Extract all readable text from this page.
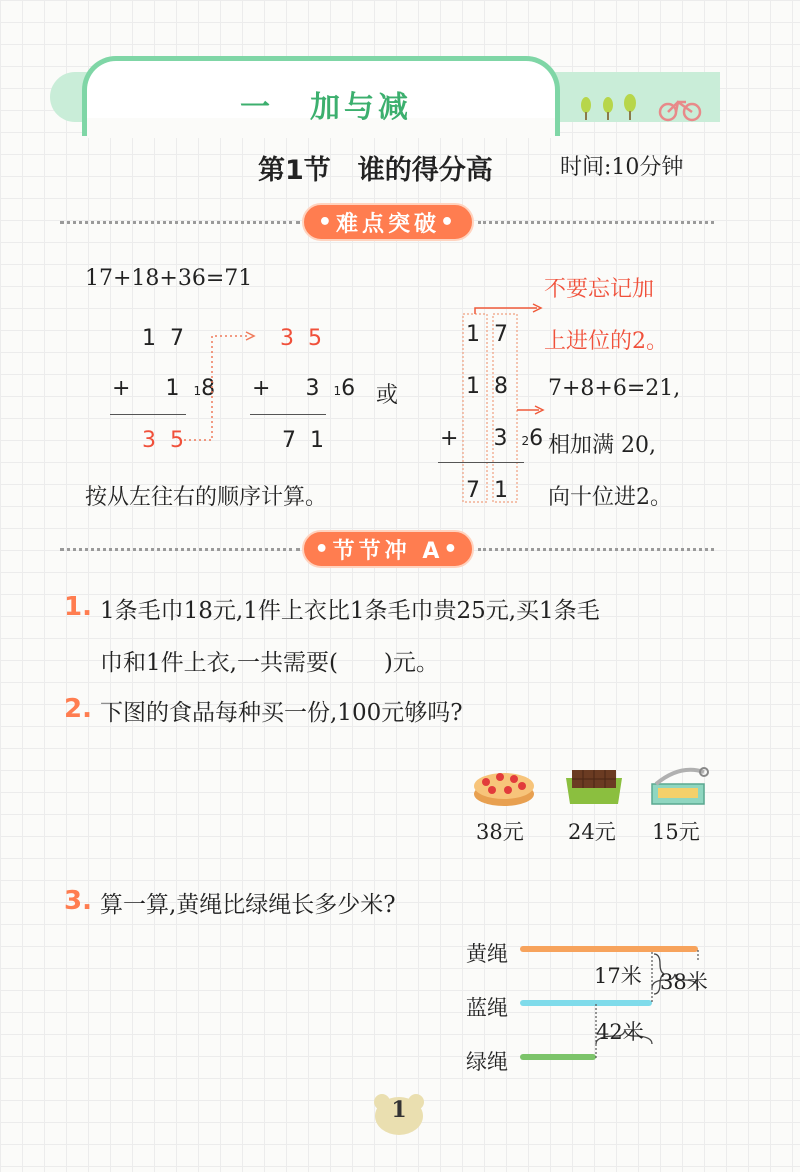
一 加与减
第1节　谁的得分高	时间:10分钟
• 难点突破 •
17+18+36=71
17
+ 118
35
35
+ 316
71
或
按从左往右的顺序计算。
17
18
+ 326
71
不要忘记加
上进位的2。
7+8+6=21,
相加满 20,
向十位进2。
• 节节冲 A •
1. 1条毛巾18元,1件上衣比1条毛巾贵25元,买1条毛
巾和1件上衣,一共需要(　　)元。
2. 下图的食品每种买一份,100元够吗?
38元 24元 15元
3. 算一算,黄绳比绿绳长多少米?
黄绳
蓝绳
绿绳
17米 38米
42米
1
